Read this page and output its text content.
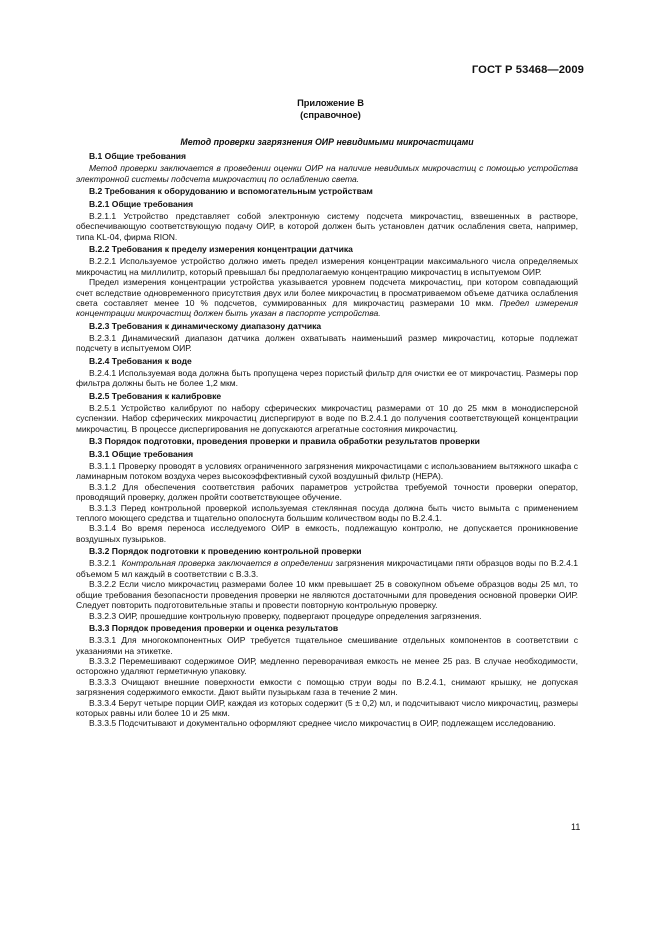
ГОСТ Р 53468—2009
Приложение В
(справочное)

Метод проверки загрязнения ОИР невидимыми микрочастицами

В.1 Общие требования

Метод проверки заключается в проведении оценки ОИР на наличие невидимых микрочастиц с помощью устройства электронной системы подсчета микрочастиц по ослаблению света.

В.2 Требования к оборудованию и вспомогательным устройствам

В.2.1 Общие требования

В.2.1.1 Устройство представляет собой электронную систему подсчета микрочастиц, взвешенных в растворе, обеспечивающую соответствующую подачу ОИР, в которой должен быть установлен датчик ослабления света, например, типа KL-04, фирма RION.

В.2.2 Требования к пределу измерения концентрации датчика

В.2.2.1 Используемое устройство должно иметь предел измерения концентрации максимального числа определяемых микрочастиц на миллилитр, который превышал бы предполагаемую концентрацию микрочастиц в испытуемом ОИР.

Предел измерения концентрации устройства указывается уровнем подсчета микрочастиц, при котором совпадающий счет вследствие одновременного присутствия двух или более микрочастиц в просматриваемом объеме датчика ослабления света составляет менее 10 % подсчетов, суммированных для микрочастиц размерами 10 мкм. Предел измерения концентрации микрочастиц должен быть указан в паспорте устройства.

В.2.3 Требования к динамическому диапазону датчика

В.2.3.1 Динамический диапазон датчика должен охватывать наименьший размер микрочастиц, которые подлежат подсчету в испытуемом ОИР.

В.2.4 Требования к воде

В.2.4.1 Используемая вода должна быть пропущена через пористый фильтр для очистки ее от микрочастиц. Размеры пор фильтра должны быть не более 1,2 мкм.

В.2.5 Требования к калибровке

В.2.5.1 Устройство калибруют по набору сферических микрочастиц размерами от 10 до 25 мкм в монодисперсной суспензии. Набор сферических микрочастиц диспергируют в воде по В.2.4.1 до получения соответствующей концентрации микрочастиц. В процессе диспергирования не допускаются агрегатные состояния микрочастиц.

В.3 Порядок подготовки, проведения проверки и правила обработки результатов проверки

В.3.1 Общие требования

В.3.1.1 Проверку проводят в условиях ограниченного загрязнения микрочастицами с использованием вытяжного шкафа с ламинарным потоком воздуха через высокоэффективный сухой воздушный фильтр (НЕРА).

В.3.1.2 Для обеспечения соответствия рабочих параметров устройства требуемой точности проверки оператор, проводящий проверку, должен пройти соответствующее обучение.

В.3.1.3 Перед контрольной проверкой используемая стеклянная посуда должна быть чисто вымыта с применением теплого моющего средства и тщательно ополоснута большим количеством воды по В.2.4.1.

В.3.1.4 Во время переноса исследуемого ОИР в емкость, подлежащую контролю, не допускается проникновение воздушных пузырьков.

В.3.2 Порядок подготовки к проведению контрольной проверки

В.3.2.1 Контрольная проверка заключается в определении загрязнения микрочастицами пяти образцов воды по В.2.4.1 объемом 5 мл каждый в соответствии с В.3.3.

В.3.2.2 Если число микрочастиц размерами более 10 мкм превышает 25 в совокупном объеме образцов воды 25 мл, то общие требования безопасности проведения проверки не являются достаточными для проведения основной проверки ОИР. Следует повторить подготовительные этапы и провести повторную контрольную проверку.

В.3.2.3 ОИР, прошедшие контрольную проверку, подвергают процедуре определения загрязнения.

В.3.3 Порядок проведения проверки и оценка результатов

В.3.3.1 Для многокомпонентных ОИР требуется тщательное смешивание отдельных компонентов в соответствии с указаниями на этикетке.

В.3.3.2 Перемешивают содержимое ОИР, медленно переворачивая емкость не менее 25 раз. В случае необходимости, осторожно удаляют герметичную упаковку.

В.3.3.3 Очищают внешние поверхности емкости с помощью струи воды по В.2.4.1, снимают крышку, не допуская загрязнения содержимого емкости. Дают выйти пузырькам газа в течение 2 мин.

В.3.3.4 Берут четыре порции ОИР, каждая из которых содержит (5 ± 0,2) мл, и подсчитывают число микрочастиц, размеры которых равны или более 10 и 25 мкм.

В.3.3.5 Подсчитывают и документально оформляют среднее число микрочастиц в ОИР, подлежащем исследованию.

11
